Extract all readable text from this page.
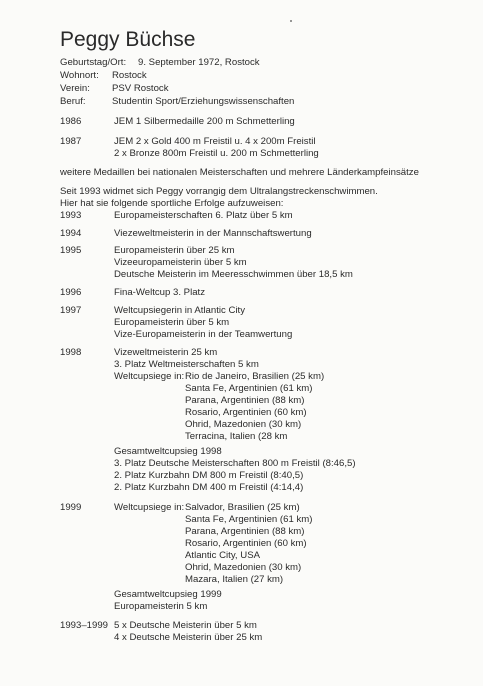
Peggy Büchse
Geburtstag/Ort: 9. September 1972, Rostock
Wohnort: Rostock
Verein: PSV Rostock
Beruf:	Studentin Sport/Erziehungswissenschaften
1986	JEM 1 Silbermedaille 200 m Schmetterling
1987	JEM 2 x Gold 400 m Freistil u. 4 x 200m Freistil
2 x Bronze 800m Freistil u. 200 m Schmetterling
weitere Medaillen bei nationalen Meisterschaften und mehrere Länderkampfeinsätze
Seit 1993 widmet sich Peggy vorrangig dem Ultralangstreckenschwimmen.
Hier hat sie folgende sportliche Erfolge aufzuweisen:
1993	Europameisterschaften 6. Platz über 5 km
1994	Viezeweltmeisterin in der Mannschaftswertung
1995	Europameisterin über 25 km
Vizeeuropameisterin über 5 km
Deutsche Meisterin im Meeresschwimmen über 18,5 km
1996	Fina-Weltcup 3. Platz
1997	Weltcupsiegerin in Atlantic City
Europameisterin über 5 km
Vize-Europameisterin in der Teamwertung
1998	Vizeweltmeisterin 25 km
3. Platz Weltmeisterschaften 5 km
Weltcupsiege in: Rio de Janeiro, Brasilien (25 km)
Santa Fe, Argentinien (61 km)
Parana, Argentinien (88 km)
Rosario, Argentinien (60 km)
Ohrid, Mazedonien (30 km)
Terracina, Italien (28 km
Gesamtweltcupsieg 1998
3. Platz Deutsche Meisterschaften 800 m Freistil (8:46,5)
2. Platz Kurzbahn DM 800 m Freistil (8:40,5)
2. Platz Kurzbahn DM 400 m Freistil (4:14,4)
1999	Weltcupsiege in: Salvador, Brasilien (25 km)
Santa Fe, Argentinien (61 km)
Parana, Argentinien (88 km)
Rosario, Argentinien (60 km)
Atlantic City, USA
Ohrid, Mazedonien (30 km)
Mazara, Italien (27 km)
Gesamtweltcupsieg 1999
Europameisterin 5 km
1993–1999 5 x Deutsche Meisterin über 5 km
4 x Deutsche Meisterin über 25 km
